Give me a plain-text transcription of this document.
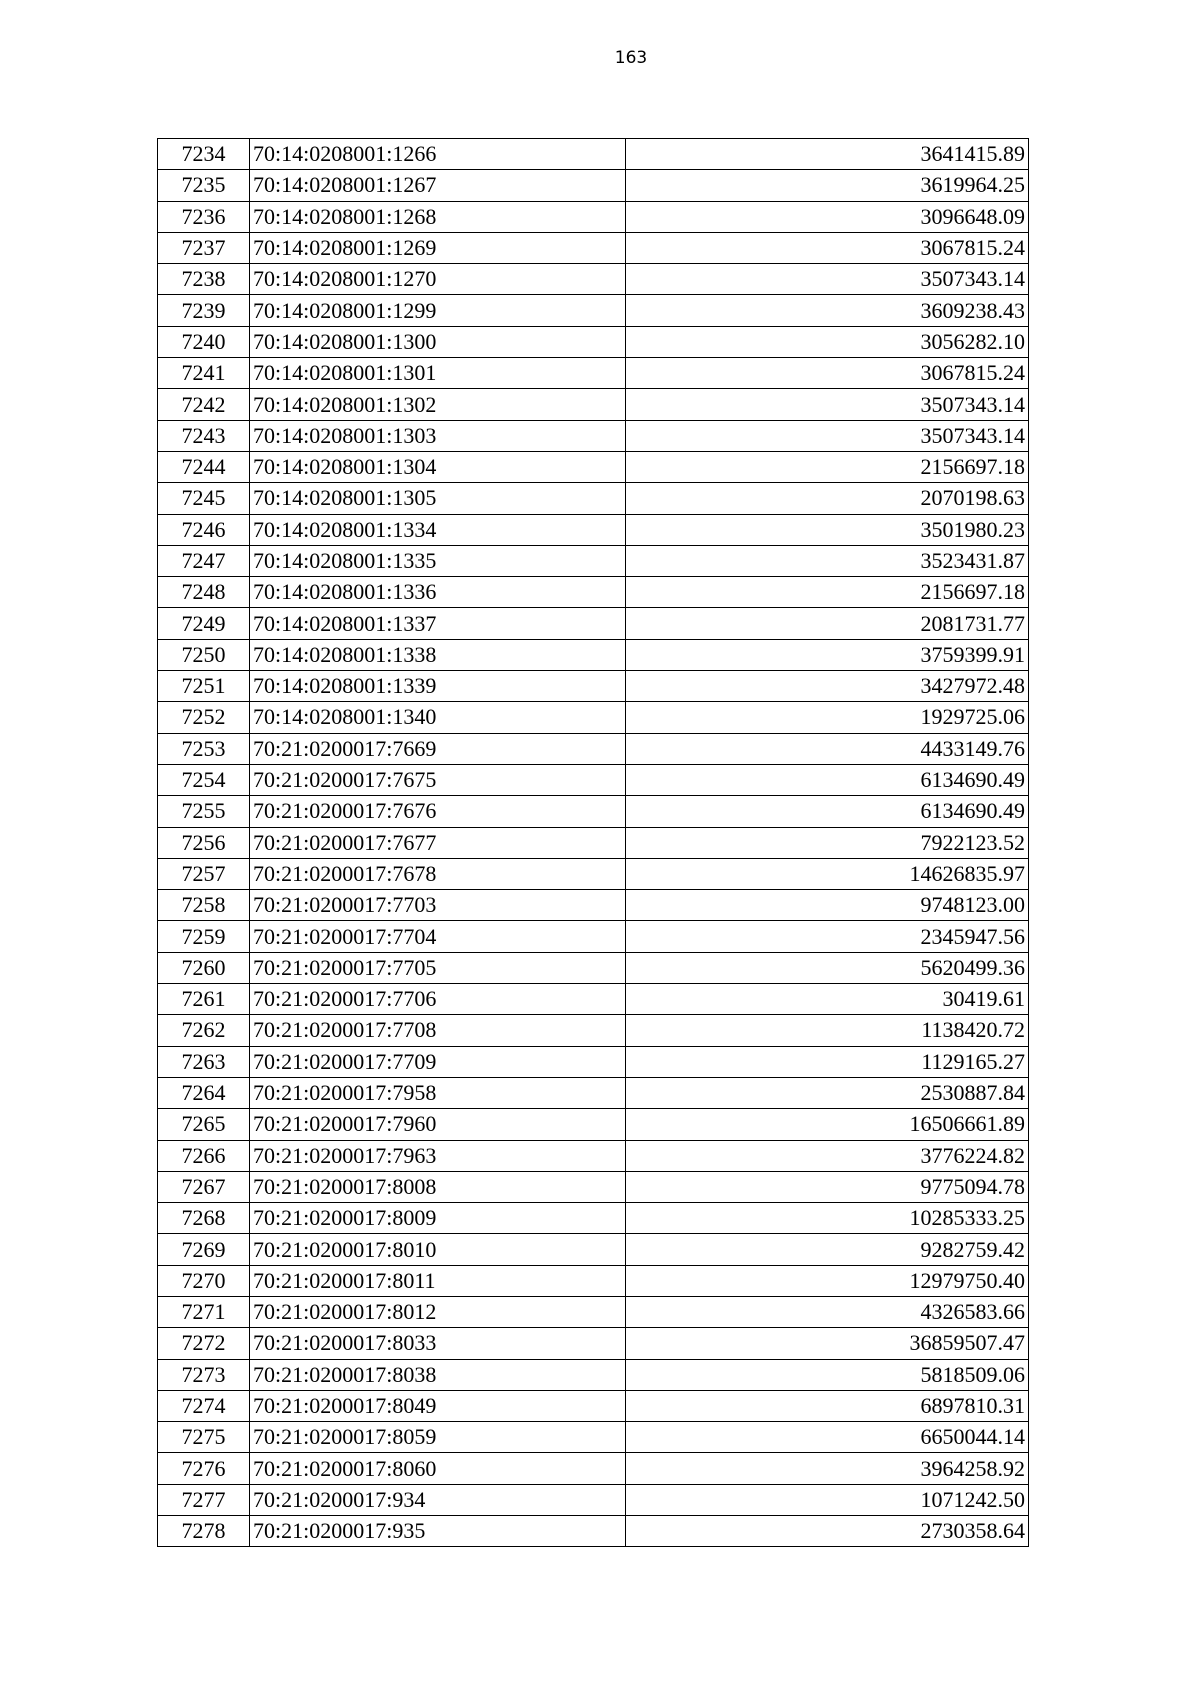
163
7234	70:14:0208001:1266	3641415.89
7235	70:14:0208001:1267	3619964.25
7236	70:14:0208001:1268	3096648.09
7237	70:14:0208001:1269	3067815.24
7238	70:14:0208001:1270	3507343.14
7239	70:14:0208001:1299	3609238.43
7240	70:14:0208001:1300	3056282.10
7241	70:14:0208001:1301	3067815.24
7242	70:14:0208001:1302	3507343.14
7243	70:14:0208001:1303	3507343.14
7244	70:14:0208001:1304	2156697.18
7245	70:14:0208001:1305	2070198.63
7246	70:14:0208001:1334	3501980.23
7247	70:14:0208001:1335	3523431.87
7248	70:14:0208001:1336	2156697.18
7249	70:14:0208001:1337	2081731.77
7250	70:14:0208001:1338	3759399.91
7251	70:14:0208001:1339	3427972.48
7252	70:14:0208001:1340	1929725.06
7253	70:21:0200017:7669	4433149.76
7254	70:21:0200017:7675	6134690.49
7255	70:21:0200017:7676	6134690.49
7256	70:21:0200017:7677	7922123.52
7257	70:21:0200017:7678	14626835.97
7258	70:21:0200017:7703	9748123.00
7259	70:21:0200017:7704	2345947.56
7260	70:21:0200017:7705	5620499.36
7261	70:21:0200017:7706	30419.61
7262	70:21:0200017:7708	1138420.72
7263	70:21:0200017:7709	1129165.27
7264	70:21:0200017:7958	2530887.84
7265	70:21:0200017:7960	16506661.89
7266	70:21:0200017:7963	3776224.82
7267	70:21:0200017:8008	9775094.78
7268	70:21:0200017:8009	10285333.25
7269	70:21:0200017:8010	9282759.42
7270	70:21:0200017:8011	12979750.40
7271	70:21:0200017:8012	4326583.66
7272	70:21:0200017:8033	36859507.47
7273	70:21:0200017:8038	5818509.06
7274	70:21:0200017:8049	6897810.31
7275	70:21:0200017:8059	6650044.14
7276	70:21:0200017:8060	3964258.92
7277	70:21:0200017:934	1071242.50
7278	70:21:0200017:935	2730358.64
